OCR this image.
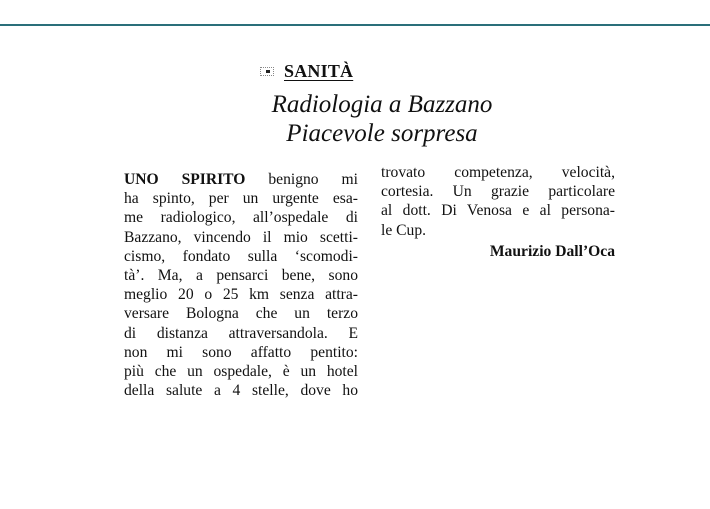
SANITÀ
Radiologia a Bazzano
Piacevole sorpresa
UNO SPIRITO benigno mi
ha spinto, per un urgente esa-
me radiologico, all’ospedale di
Bazzano, vincendo il mio scetti-
cismo, fondato sulla ‘scomodi-
tà’. Ma, a pensarci bene, sono
meglio 20 o 25 km senza attra-
versare Bologna che un terzo
di distanza attraversandola. E
non mi sono affatto pentito:
più che un ospedale, è un hotel
della salute a 4 stelle, dove ho
trovato competenza, velocità,
cortesia. Un grazie particolare
al dott. Di Venosa e al persona-
le Cup.
Maurizio Dall’Oca
